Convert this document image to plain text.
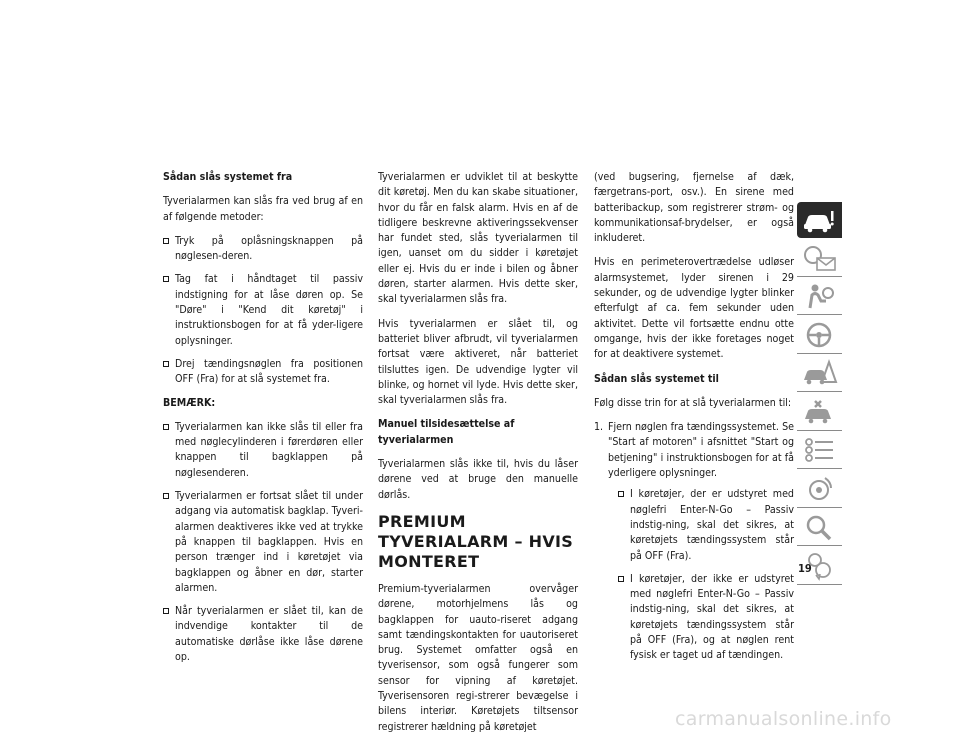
Sådan slås systemet fra

Tyverialarmen kan slås fra ved brug af en af følgende metoder:

Tryk på oplåsningsknappen på nøglesen-deren.
Tag fat i håndtaget til passiv indstigning for at låse døren op. Se "Døre" i "Kend dit køretøj" i instruktionsbogen for at få yder-ligere oplysninger.
Drej tændingsnøglen fra positionen OFF (Fra) for at slå systemet fra.
BEMÆRK:
Tyverialarmen kan ikke slås til eller fra med nøglecylinderen i førerdøren eller knappen til bagklappen på nøglesenderen.
Tyverialarmen er fortsat slået til under adgang via automatisk bagklap. Tyveri-alarmen deaktiveres ikke ved at trykke på knappen til bagklappen. Hvis en person trænger ind i køretøjet via bagklappen og åbner en dør, starter alarmen.
Når tyverialarmen er slået til, kan de indvendige kontakter til de automatiske dørlåse ikke låse dørene op.

Tyverialarmen er udviklet til at beskytte dit køretøj. Men du kan skabe situationer, hvor du får en falsk alarm. Hvis en af de tidligere beskrevne aktiveringssekvenser har fundet sted, slås tyverialarmen til igen, uanset om du sidder i køretøjet eller ej. Hvis du er inde i bilen og åbner døren, starter alarmen. Hvis dette sker, skal tyverialarmen slås fra.

Hvis tyverialarmen er slået til, og batteriet bliver afbrudt, vil tyverialarmen fortsat være aktiveret, når batteriet tilsluttes igen. De udvendige lygter vil blinke, og hornet vil lyde. Hvis dette sker, skal tyverialarmen slås fra.

Manuel tilsidesættelse af tyverialarmen

Tyverialarmen slås ikke til, hvis du låser dørene ved at bruge den manuelle dørlås.

PREMIUM TYVERIALARM – HVIS MONTERET

Premium-tyverialarmen overvåger dørene, motorhjelmens lås og bagklappen for uauto-riseret adgang samt tændingskontakten for uautoriseret brug. Systemet omfatter også en tyverisensor, som også fungerer som sensor for vipning af køretøjet. Tyverisensoren regi-strerer bevægelse i bilens interiør. Køretøjets tiltsensor registrerer hældning på køretøjet

(ved bugsering, fjernelse af dæk, færgetrans-port, osv.). En sirene med batteribackup, som registrerer strøm- og kommunikationsaf-brydelser, er også inkluderet.

Hvis en perimeterovertrædelse udløser alarmsystemet, lyder sirenen i 29 sekunder, og de udvendige lygter blinker efterfulgt af ca. fem sekunder uden aktivitet. Dette vil fortsætte endnu otte omgange, hvis der ikke foretages noget for at deaktivere systemet.

Sådan slås systemet til

Følg disse trin for at slå tyverialarmen til:

1. Fjern nøglen fra tændingssystemet. Se "Start af motoren" i afsnittet "Start og betjening" i instruktionsbogen for at få yderligere oplysninger.
I køretøjer, der er udstyret med nøglefri Enter-N-Go – Passiv indstig-ning, skal det sikres, at køretøjets tændingssystem står på OFF (Fra).
I køretøjer, der ikke er udstyret med nøglefri Enter-N-Go – Passiv indstig-ning, skal det sikres, at køretøjets tændingssystem står på OFF (Fra), og at nøglen rent fysisk er taget ud af tændingen.
19
carmanualsonline.info
